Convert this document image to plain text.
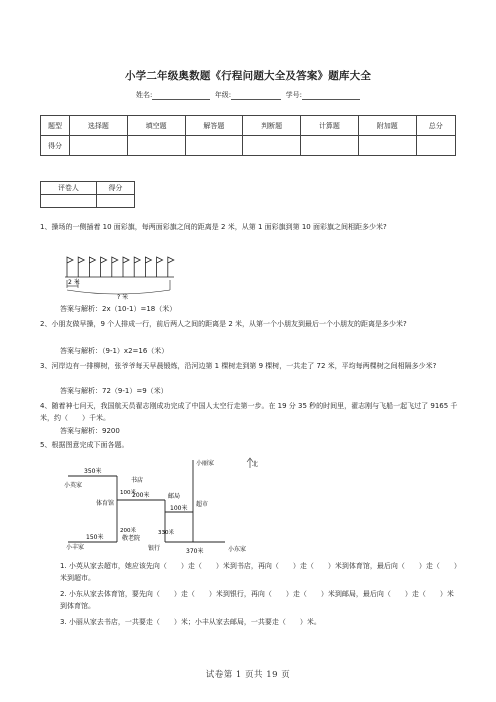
小学二年级奥数题《行程问题大全及答案》题库大全
姓名:	年级:	学号:
题型	选择题	填空题	解答题	判断题	计算题	附加题	总分
得分							
评卷人	得分

1、操场的一侧插着 10 面彩旗，每两面彩旗之间的距离是 2 米，从第 1 面彩旗到第 10 面彩旗之间相距多少米?
2 米
? 米
答案与解析：2x（10-1）=18（米）
2、小朋友做早操，9 个人排成一行，前后两人之间的距离是 2 米，从第一个小朋友到最后一个小朋友的距离是多少米?
答案与解析：（9-1）x2=16（米）
3、河岸边有一排柳树，张爷爷每天早晨锻炼，沿河边第 1 棵树走到第 9 棵树，一共走了 72 米，平均每两棵树之间相隔多少米?
答案与解析：72（9-1）=9（米）
4、随着神七问天，我国航天员翟志刚成功完成了中国人太空行走第一步。在 19 分 35 秒的时间里，翟志刚与飞船一起飞过了 9165 千米，约（　　）千米。
答案与解析：9200
5、根据图意完成下面各题。
北
小丽家
书店
小英家
体育馆
邮局
超市
小丰家
敬老院
银行	小东家
350米
100米
200米
100米
200米	330米
150米
370米
1. 小英从家去超市，她应该先向（　　）走（　　）米到书店，再向（　　）走（　　）米到体育馆，最后向（　　）走（　　）米到超市。
2. 小东从家去体育馆，要先向（　　）走（　　）米到银行，再向（　　）走（　　）米到邮局，最后向（　　）走（　　）米到体育馆。
3. 小丽从家去书店，一共要走（　　）米；小丰从家去邮局，一共要走（　　）米。
试卷第 1 页共 19 页
